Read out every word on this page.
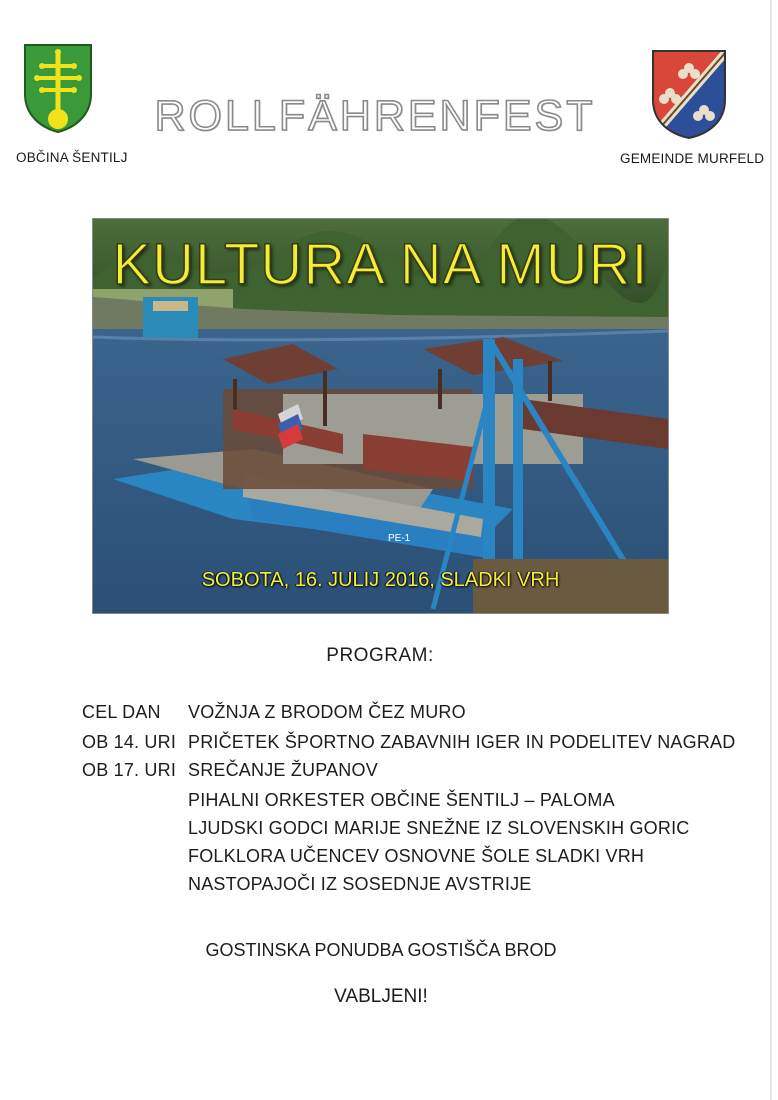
OBČINA ŠENTILJ
ROLLFÄHRENFEST
GEMEINDE MURFELD
PE-1
KULTURA NA MURI
SOBOTA, 16. JULIJ 2016, SLADKI VRH
PROGRAM:
CEL DAN VOŽNJA Z BRODOM ČEZ MURO
OB 14. URI PRIČETEK ŠPORTNO ZABAVNIH IGER IN PODELITEV NAGRAD
OB 17. URI SREČANJE ŽUPANOV
PIHALNI ORKESTER OBČINE ŠENTILJ – PALOMA
LJUDSKI GODCI MARIJE SNEŽNE IZ SLOVENSKIH GORIC
FOLKLORA UČENCEV OSNOVNE ŠOLE SLADKI VRH
NASTOPAJOČI IZ SOSEDNJE AVSTRIJE
GOSTINSKA PONUDBA GOSTIŠČA BROD
VABLJENI!
